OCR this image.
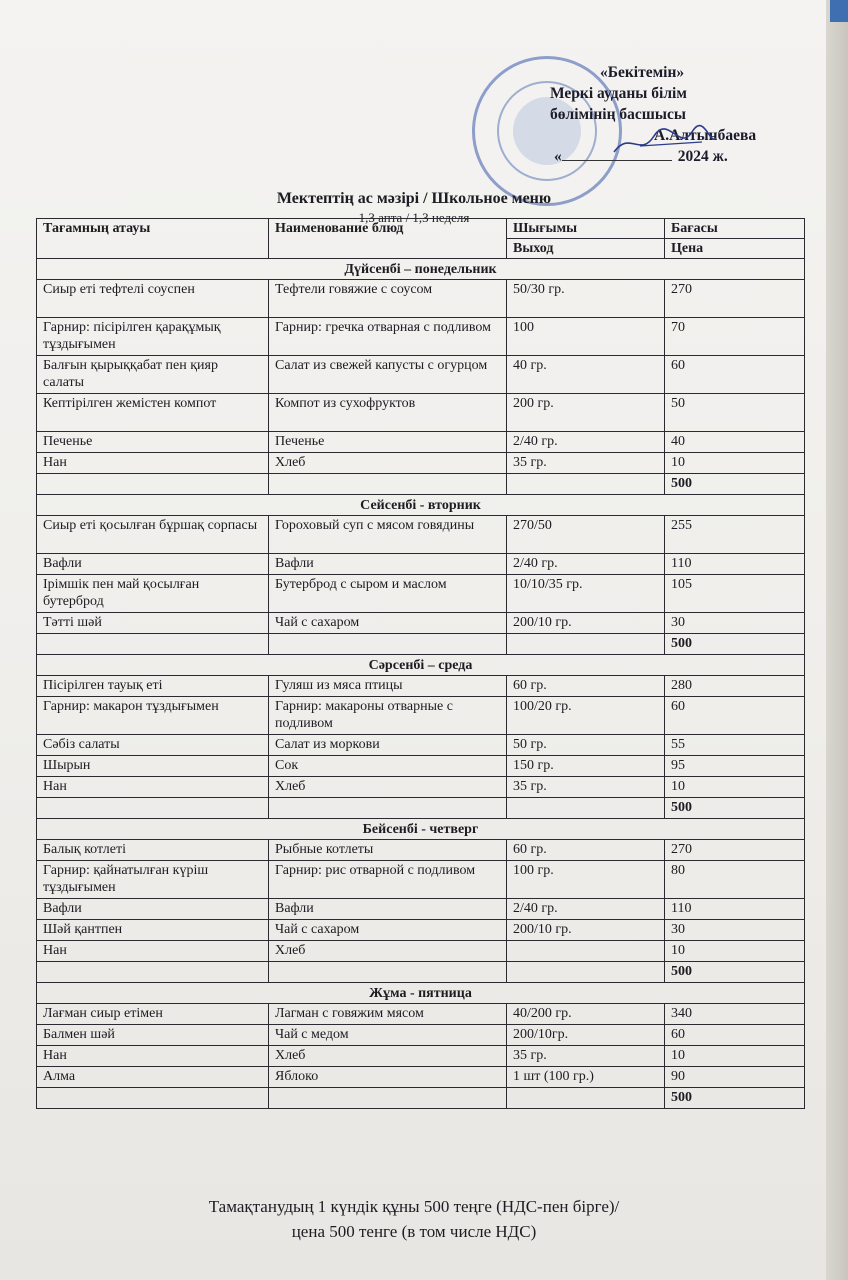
«Бекітемін»
Меркі ауданы білім
бөлімінің басшысы
А.Алтынбаева
«	2024 ж.
Мектептің ас мәзірі / Школьное меню
1,3 апта / 1,3 неделя
Тағамның атауы	Наименование блюд	Шығымы	Бағасы
		Выход	Цена
Дүйсенбі – понедельник			
Сиыр еті тефтелі соуспен	Тефтели говяжие с соусом	50/30 гр.	270
Гарнир: пісірілген қарақұмық тұздығымен	Гарнир: гречка отварная с подливом	100	70
Балғын қырыққабат пен қияр салаты	Салат из свежей капусты с огурцом	40 гр.	60
Кептірілген жемістен компот	Компот из сухофруктов	200 гр.	50
Печенье	Печенье	2/40 гр.	40
Нан	Хлеб	35 гр.	10
			500
Сейсенбі - вторник			
Сиыр еті қосылған бұршақ сорпасы	Гороховый суп с мясом говядины	270/50	255
Вафли	Вафли	2/40 гр.	110
Ірімшік пен май қосылған бутерброд	Бутерброд с сыром и маслом	10/10/35 гр.	105
Тәтті шәй	Чай с сахаром	200/10 гр.	30
			500
Сәрсенбі – среда			
Пісірілген тауық еті	Гуляш из мяса птицы	60 гр.	280
Гарнир: макарон тұздығымен	Гарнир: макароны отварные с подливом	100/20 гр.	60
Сәбіз салаты	Салат из моркови	50 гр.	55
Шырын	Сок	150 гр.	95
Нан	Хлеб	35 гр.	10
			500
Бейсенбі - четверг			
Балық котлеті	Рыбные котлеты	60 гр.	270
Гарнир: қайнатылған күріш тұздығымен	Гарнир: рис отварной с подливом	100 гр.	80
Вафли	Вафли	2/40 гр.	110
Шәй қантпен	Чай с сахаром	200/10 гр.	30
Нан	Хлеб		10
			500
Жұма - пятница			
Лағман сиыр етімен	Лагман с говяжим мясом	40/200 гр.	340
Балмен шәй	Чай с медом	200/10гр.	60
Нан	Хлеб	35 гр.	10
Алма	Яблоко	1 шт (100 гр.)	90
			500
Тамақтанудың 1 күндік құны 500 теңге (НДС-пен бірге)/
цена 500 тенге (в том числе НДС)
